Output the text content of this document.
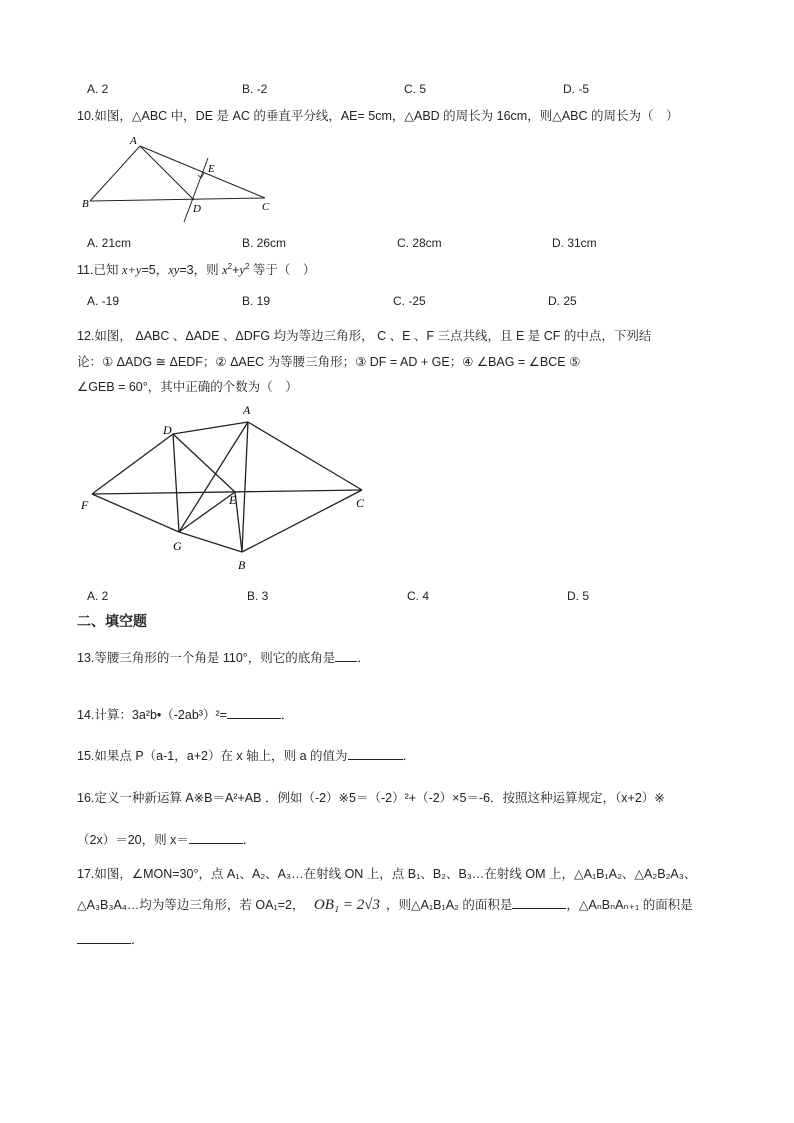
A. 2	B. -2	C. 5	D. -5
10.如图，△ABC 中，DE 是 AC 的垂直平分线，AE= 5cm，△ABD 的周长为 16cm，则△ABC 的周长为（　）
A
B	C
D
E
A. 21cm	B. 26cm	C. 28cm	D. 31cm
11.已知 x+y=5，xy=3，则 $x^2+y^2$ 等于（　）
A. -19	B. 19	C. -25	D. 25
12.如图， ΔABC 、ΔADE 、ΔDFG 均为等边三角形， C 、E 、F 三点共线，且 E 是 CF 的中点，下列结
论：① ΔADG ≅ ΔEDF；② ΔAEC 为等腰三角形；③ DF = AD + GE；④ ∠BAG = ∠BCE ⑤
∠GEB = 60°，其中正确的个数为（　）
A
B
C
D
E
F
G
A. 2	B. 3	C. 4	D. 5
二、填空题
13.等腰三角形的一个角是 110°，则它的底角是 ．
14.计算：3a²b•（-2ab³）²=	．
15.如果点 P（a-1，a+2）在 x 轴上，则 a 的值为	．
16.定义一种新运算 A※B＝A²+AB ．例如（-2）※5＝（-2）²+（-2）×5＝-6．按照这种运算规定，（x+2）※
（2x）＝20，则 x＝	．
17.如图，∠MON=30°，点 A₁、A₂、A₃…在射线 ON 上，点 B₁、B₂、B₃…在射线 OM 上，△A₁B₁A₂、△A₂B₂A₃、
△A₃B₃A₄…均为等边三角形，若 OA₁=2， OB₁ = 2√3 ，则△A₁B₁A₂ 的面积是	，△AₙBₙAₙ₊₁ 的面积是
．
